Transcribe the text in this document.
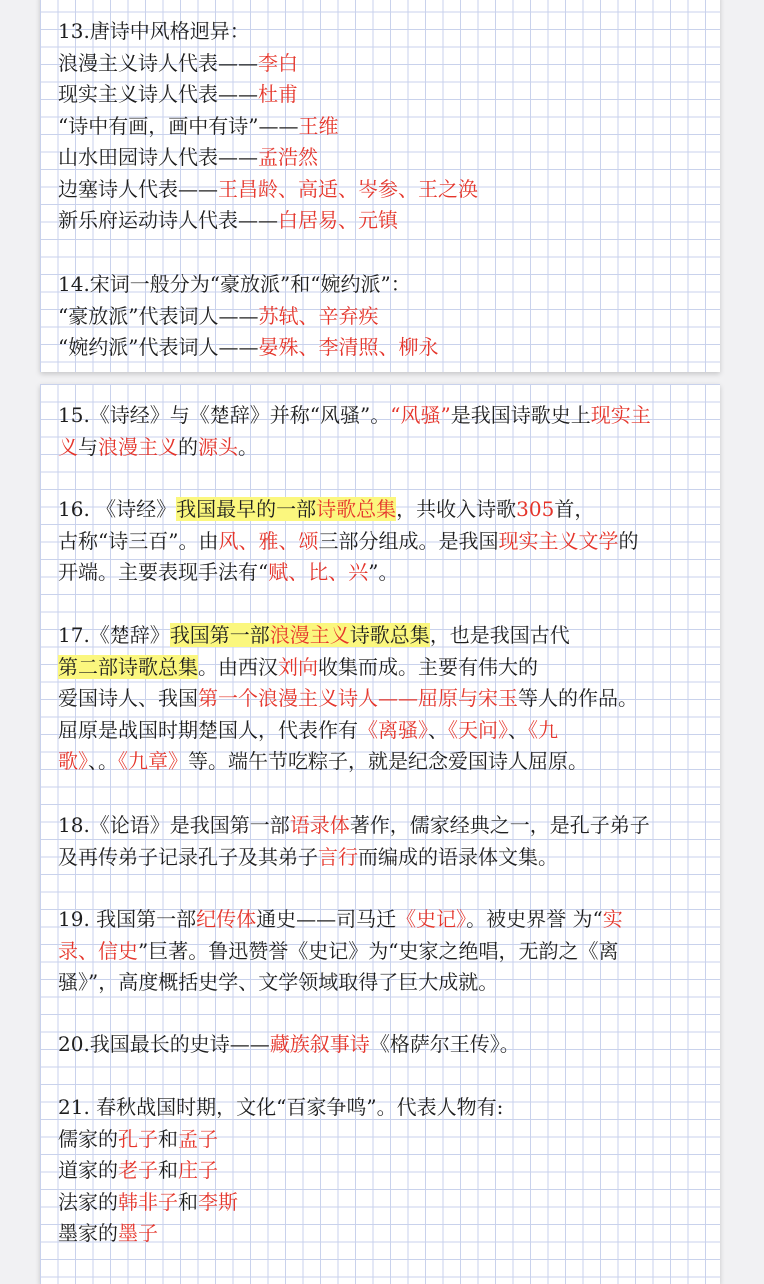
13.唐诗中风格迥异：
浪漫主义诗人代表——李白
现实主义诗人代表——杜甫
“诗中有画，画中有诗”——王维
山水田园诗人代表——孟浩然
边塞诗人代表——王昌龄、高适、岑参、王之涣
新乐府运动诗人代表——白居易、元镇
14.宋词一般分为“豪放派”和“婉约派”：
“豪放派”代表词人——苏轼、辛弃疾
“婉约派”代表词人——晏殊、李清照、柳永
15.《诗经》与《楚辞》并称“风骚”。“风骚”是我国诗歌史上现实主
义与浪漫主义的源头。
16. 《诗经》我国最早的一部诗歌总集，共收入诗歌305首，
古称“诗三百”。由风、雅、颂三部分组成。是我国现实主义文学的
开端。主要表现手法有“赋、比、兴”。
17.《楚辞》我国第一部浪漫主义诗歌总集，也是我国古代
第二部诗歌总集。由西汉刘向收集而成。主要有伟大的
爱国诗人、我国第一个浪漫主义诗人——屈原与宋玉等人的作品。
屈原是战国时期楚国人，代表作有《离骚》、《天问》、《九
歌》、。《九章》等。端午节吃粽子，就是纪念爱国诗人屈原。
18.《论语》是我国第一部语录体著作，儒家经典之一，是孔子弟子
及再传弟子记录孔子及其弟子言行而编成的语录体文集。
19. 我国第一部纪传体通史——司马迁《史记》。被史界誉 为“实
录、信史”巨著。鲁迅赞誉《史记》为“史家之绝唱，无韵之《离
骚》”，高度概括史学、文学领域取得了巨大成就。
20.我国最长的史诗——藏族叙事诗《格萨尔王传》。
21. 春秋战国时期，文化“百家争鸣”。代表人物有:
儒家的孔子和孟子
道家的老子和庄子
法家的韩非子和李斯
墨家的墨子
